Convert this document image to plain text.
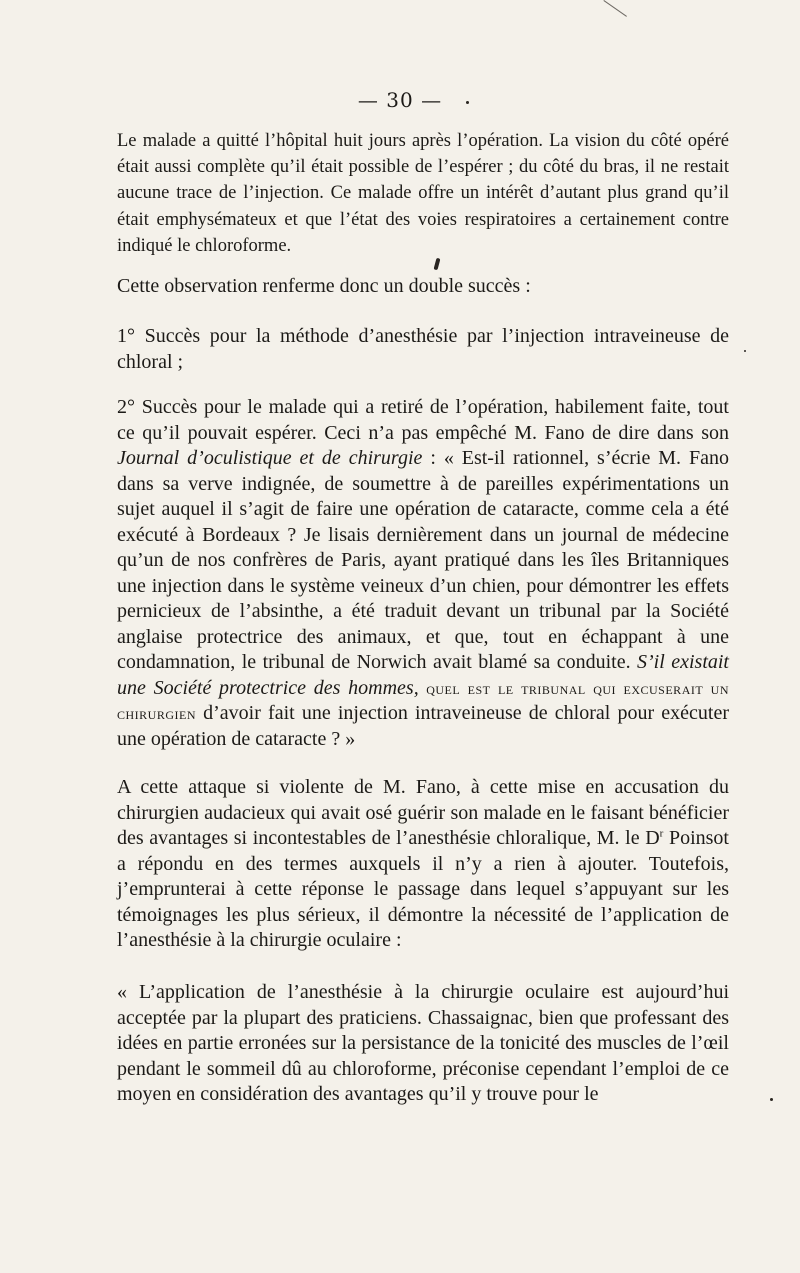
— 30 —

Le malade a quitté l’hôpital huit jours après l’opération. La vision du côté opéré était aussi complète qu’il était possible de l’espérer ; du côté du bras, il ne restait aucune trace de l’injection. Ce malade offre un intérêt d’autant plus grand qu’il était emphysémateux et que l’état des voies respiratoires a certainement contre indiqué le chloroforme.

Cette observation renferme donc un double succès :

1° Succès pour la méthode d’anesthésie par l’injection intraveineuse de chloral ;

2° Succès pour le malade qui a retiré de l’opération, habilement faite, tout ce qu’il pouvait espérer. Ceci n’a pas empêché M. Fano de dire dans son Journal d’oculistique et de chirurgie : « Est-il rationnel, s’écrie M. Fano dans sa verve indignée, de soumettre à de pareilles expérimentations un sujet auquel il s’agit de faire une opération de cataracte, comme cela a été exécuté à Bordeaux ? Je lisais dernièrement dans un journal de médecine qu’un de nos confrères de Paris, ayant pratiqué dans les îles Britanniques une injection dans le système veineux d’un chien, pour démontrer les effets pernicieux de l’absinthe, a été traduit devant un tribunal par la Société anglaise protectrice des animaux, et que, tout en échappant à une condamnation, le tribunal de Norwich avait blamé sa conduite. S’il existait une Société protectrice des hommes, quel est le tribunal qui excuserait un chirurgien d’avoir fait une injection intraveineuse de chloral pour exécuter une opération de cataracte ? »

A cette attaque si violente de M. Fano, à cette mise en accusation du chirurgien audacieux qui avait osé guérir son malade en le faisant bénéficier des avantages si incontestables de l’anesthésie chloralique, M. le $D^r$ Poinsot a répondu en des termes auxquels il n’y a rien à ajouter. Toutefois, j’emprunterai à cette réponse le passage dans lequel s’appuyant sur les témoignages les plus sérieux, il démontre la nécessité de l’application de l’anesthésie à la chirurgie oculaire :

« L’application de l’anesthésie à la chirurgie oculaire est aujourd’hui acceptée par la plupart des praticiens. Chassaignac, bien que professant des idées en partie erronées sur la persistance de la tonicité des muscles de l’œil pendant le sommeil dû au chloroforme, préconise cependant l’emploi de ce moyen en considération des avantages qu’il y trouve pour le
